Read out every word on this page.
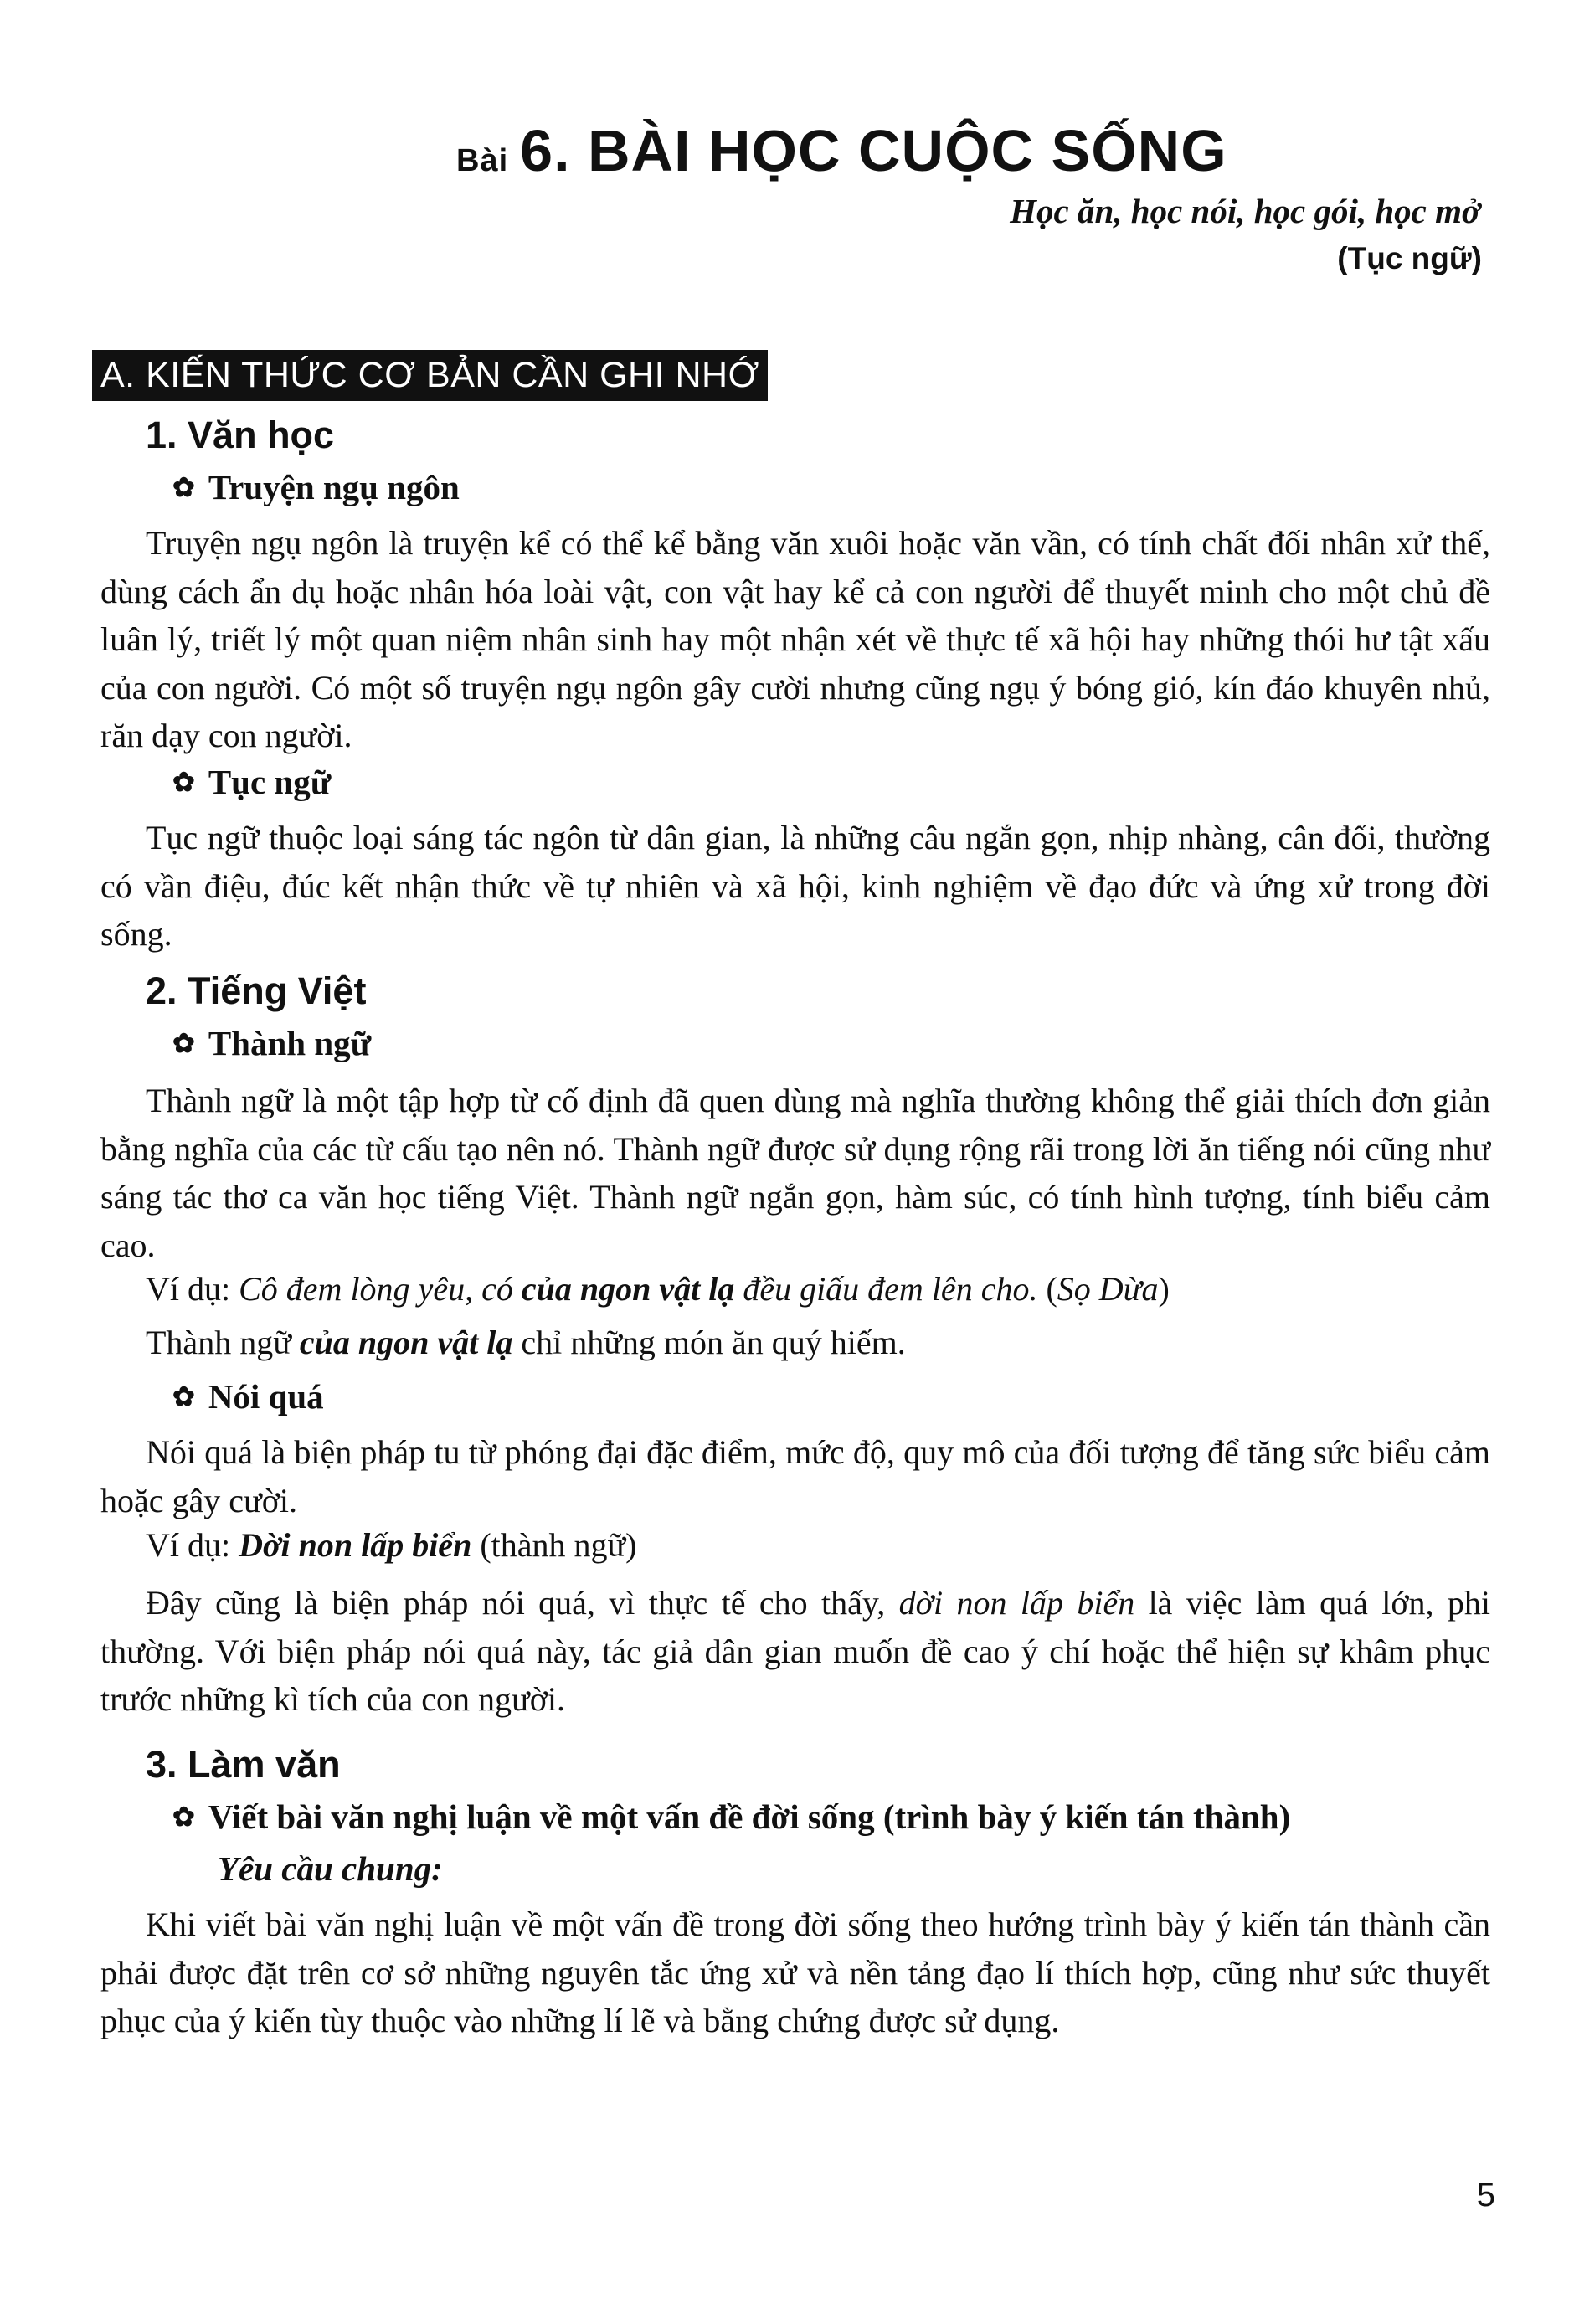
Bài 6. BÀI HỌC CUỘC SỐNG
Học ăn, học nói, học gói, học mở
(Tục ngữ)
A. KIẾN THỨC CƠ BẢN CẦN GHI NHỚ
1. Văn học
✿ Truyện ngụ ngôn
Truyện ngụ ngôn là truyện kể có thể kể bằng văn xuôi hoặc văn vần, có tính chất đối nhân xử thế, dùng cách ẩn dụ hoặc nhân hóa loài vật, con vật hay kể cả con người để thuyết minh cho một chủ đề luân lý, triết lý một quan niệm nhân sinh hay một nhận xét về thực tế xã hội hay những thói hư tật xấu của con người. Có một số truyện ngụ ngôn gây cười nhưng cũng ngụ ý bóng gió, kín đáo khuyên nhủ, răn dạy con người.
✿ Tục ngữ
Tục ngữ thuộc loại sáng tác ngôn từ dân gian, là những câu ngắn gọn, nhịp nhàng, cân đối, thường có vần điệu, đúc kết nhận thức về tự nhiên và xã hội, kinh nghiệm về đạo đức và ứng xử trong đời sống.
2. Tiếng Việt
✿ Thành ngữ
Thành ngữ là một tập hợp từ cố định đã quen dùng mà nghĩa thường không thể giải thích đơn giản bằng nghĩa của các từ cấu tạo nên nó. Thành ngữ được sử dụng rộng rãi trong lời ăn tiếng nói cũng như sáng tác thơ ca văn học tiếng Việt. Thành ngữ ngắn gọn, hàm súc, có tính hình tượng, tính biểu cảm cao.
Ví dụ: Cô đem lòng yêu, có của ngon vật lạ đều giấu đem lên cho. (Sọ Dừa)
Thành ngữ của ngon vật lạ chỉ những món ăn quý hiếm.
✿ Nói quá
Nói quá là biện pháp tu từ phóng đại đặc điểm, mức độ, quy mô của đối tượng để tăng sức biểu cảm hoặc gây cười.
Ví dụ: Dời non lấp biển (thành ngữ)
Đây cũng là biện pháp nói quá, vì thực tế cho thấy, dời non lấp biển là việc làm quá lớn, phi thường. Với biện pháp nói quá này, tác giả dân gian muốn đề cao ý chí hoặc thể hiện sự khâm phục trước những kì tích của con người.
3. Làm văn
✿ Viết bài văn nghị luận về một vấn đề đời sống (trình bày ý kiến tán thành)
Yêu cầu chung:
Khi viết bài văn nghị luận về một vấn đề trong đời sống theo hướng trình bày ý kiến tán thành cần phải được đặt trên cơ sở những nguyên tắc ứng xử và nền tảng đạo lí thích hợp, cũng như sức thuyết phục của ý kiến tùy thuộc vào những lí lẽ và bằng chứng được sử dụng.
5
